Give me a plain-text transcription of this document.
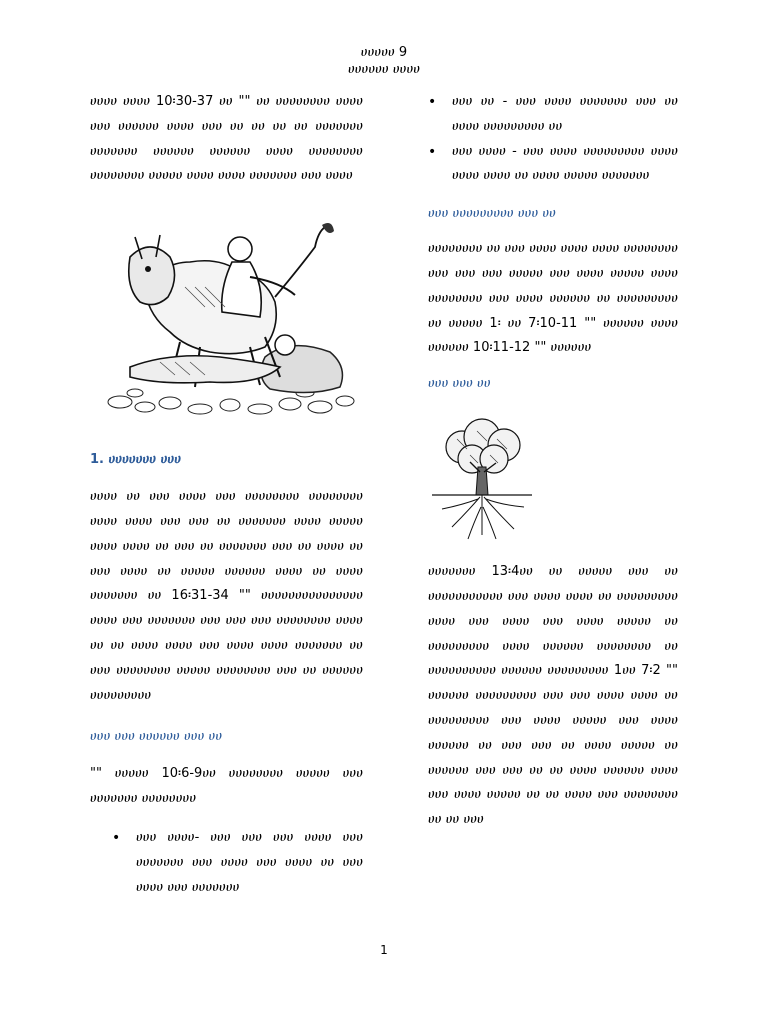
ሀሀሀሀሀ 9
ሀሀሀሀሀሀ ሀሀሀሀ

ሀሀሀሀ ሀሀሀሀ 10፡30-37 ሀሀ "" ሀሀ ሀሀሀሀሀሀሀሀ ሀሀሀሀ ሀሀሀ ሀሀሀሀሀሀ ሀሀሀሀ ሀሀሀ ሀሀ ሀሀ ሀሀ ሀሀ ሀሀሀሀሀሀሀ ሀሀሀሀሀሀሀ ሀሀሀሀሀሀ ሀሀሀሀሀሀ ሀሀሀሀ ሀሀሀሀሀሀሀሀ ሀሀሀሀሀሀሀሀ ሀሀሀሀሀ ሀሀሀሀ ሀሀሀሀ ሀሀሀሀሀሀሀ ሀሀሀ ሀሀሀሀ

1. ሀሀሀሀሀሀሀ ሀሀሀ

ሀሀሀሀ ሀሀ ሀሀሀ ሀሀሀሀ ሀሀሀ ሀሀሀሀሀሀሀሀ ሀሀሀሀሀሀሀሀ ሀሀሀሀ ሀሀሀሀ ሀሀሀ ሀሀሀ ሀሀ ሀሀሀሀሀሀሀ ሀሀሀሀ ሀሀሀሀሀ ሀሀሀሀ ሀሀሀሀ ሀሀ ሀሀሀ ሀሀ ሀሀሀሀሀሀሀ ሀሀሀ ሀሀ ሀሀሀሀ ሀሀ ሀሀሀ ሀሀሀሀ ሀሀ ሀሀሀሀሀ ሀሀሀሀሀሀ ሀሀሀሀ ሀሀ ሀሀሀሀ ሀሀሀሀሀሀሀ ሀሀ 16፡31-34 "" ሀሀሀሀሀሀሀሀሀሀሀሀሀሀሀ ሀሀሀሀ ሀሀሀ ሀሀሀሀሀሀሀ ሀሀሀ ሀሀሀ ሀሀሀ ሀሀሀሀሀሀሀሀ ሀሀሀሀ ሀሀ ሀሀ ሀሀሀሀ ሀሀሀሀ ሀሀሀ ሀሀሀሀ ሀሀሀሀ ሀሀሀሀሀሀሀ ሀሀ ሀሀሀ ሀሀሀሀሀሀሀሀ ሀሀሀሀሀ ሀሀሀሀሀሀሀሀ ሀሀሀ ሀሀ ሀሀሀሀሀሀ ሀሀሀሀሀሀሀሀሀ

ሀሀሀ ሀሀሀ ሀሀሀሀሀሀ ሀሀሀ ሀሀ

"" ሀሀሀሀሀ 10፡6-9ሀሀ ሀሀሀሀሀሀሀሀ ሀሀሀሀሀ ሀሀሀ ሀሀሀሀሀሀሀ ሀሀሀሀሀሀሀሀ

• ሀሀሀ ሀሀሀሀ- ሀሀሀ ሀሀሀ ሀሀሀ ሀሀሀሀ ሀሀሀ ሀሀሀሀሀሀሀ ሀሀሀ ሀሀሀሀ ሀሀሀ ሀሀሀሀ ሀሀ ሀሀሀ ሀሀሀሀ ሀሀሀ ሀሀሀሀሀሀሀ
• ሀሀሀ ሀሀ - ሀሀሀ ሀሀሀሀ ሀሀሀሀሀሀሀ ሀሀሀ ሀሀ ሀሀሀሀ ሀሀሀሀሀሀሀሀሀ ሀሀ
• ሀሀሀ ሀሀሀሀ - ሀሀሀ ሀሀሀሀ ሀሀሀሀሀሀሀሀሀ ሀሀሀሀ ሀሀሀሀ ሀሀሀሀ ሀሀ ሀሀሀሀ ሀሀሀሀሀ ሀሀሀሀሀሀሀ
ሀሀሀ ሀሀሀሀሀሀሀሀሀ ሀሀሀ ሀሀ

ሀሀሀሀሀሀሀሀ ሀሀ ሀሀሀ ሀሀሀሀ ሀሀሀሀ ሀሀሀሀ ሀሀሀሀሀሀሀሀ ሀሀሀ ሀሀሀ ሀሀሀ ሀሀሀሀሀ ሀሀሀ ሀሀሀሀ ሀሀሀሀሀ ሀሀሀሀ ሀሀሀሀሀሀሀሀ ሀሀሀ ሀሀሀሀ ሀሀሀሀሀሀ ሀሀ ሀሀሀሀሀሀሀሀሀ ሀሀ ሀሀሀሀሀ 1፡ ሀሀ 7፡10-11 "" ሀሀሀሀሀሀ ሀሀሀሀ ሀሀሀሀሀሀ 10፡11-12 "" ሀሀሀሀሀሀ

ሀሀሀ ሀሀሀ ሀሀ

ሀሀሀሀሀሀሀ 13፡4ሀሀ ሀሀ ሀሀሀሀሀ ሀሀሀ ሀሀ ሀሀሀሀሀሀሀሀሀሀሀ ሀሀሀ ሀሀሀሀ ሀሀሀሀ ሀሀ ሀሀሀሀሀሀሀሀሀ ሀሀሀሀ ሀሀሀ ሀሀሀሀ ሀሀሀ ሀሀሀሀ ሀሀሀሀሀ ሀሀ ሀሀሀሀሀሀሀሀሀ ሀሀሀሀ ሀሀሀሀሀሀ ሀሀሀሀሀሀሀሀ ሀሀ ሀሀሀሀሀሀሀሀሀሀ ሀሀሀሀሀሀ ሀሀሀሀሀሀሀሀሀ 1ሀሀ 7፡2 "" ሀሀሀሀሀሀ ሀሀሀሀሀሀሀሀሀ ሀሀሀ ሀሀሀ ሀሀሀሀ ሀሀሀሀ ሀሀ ሀሀሀሀሀሀሀሀሀ ሀሀሀ ሀሀሀሀ ሀሀሀሀሀ ሀሀሀ ሀሀሀሀ ሀሀሀሀሀሀ ሀሀ ሀሀሀ ሀሀሀ ሀሀ ሀሀሀሀ ሀሀሀሀሀ ሀሀ ሀሀሀሀሀሀ ሀሀሀ ሀሀሀ ሀሀ ሀሀ ሀሀሀሀ ሀሀሀሀሀሀ ሀሀሀሀ ሀሀሀ ሀሀሀሀ ሀሀሀሀሀ ሀሀ ሀሀ ሀሀሀሀ ሀሀሀ ሀሀሀሀሀሀሀሀ ሀሀ ሀሀ ሀሀሀ

1
